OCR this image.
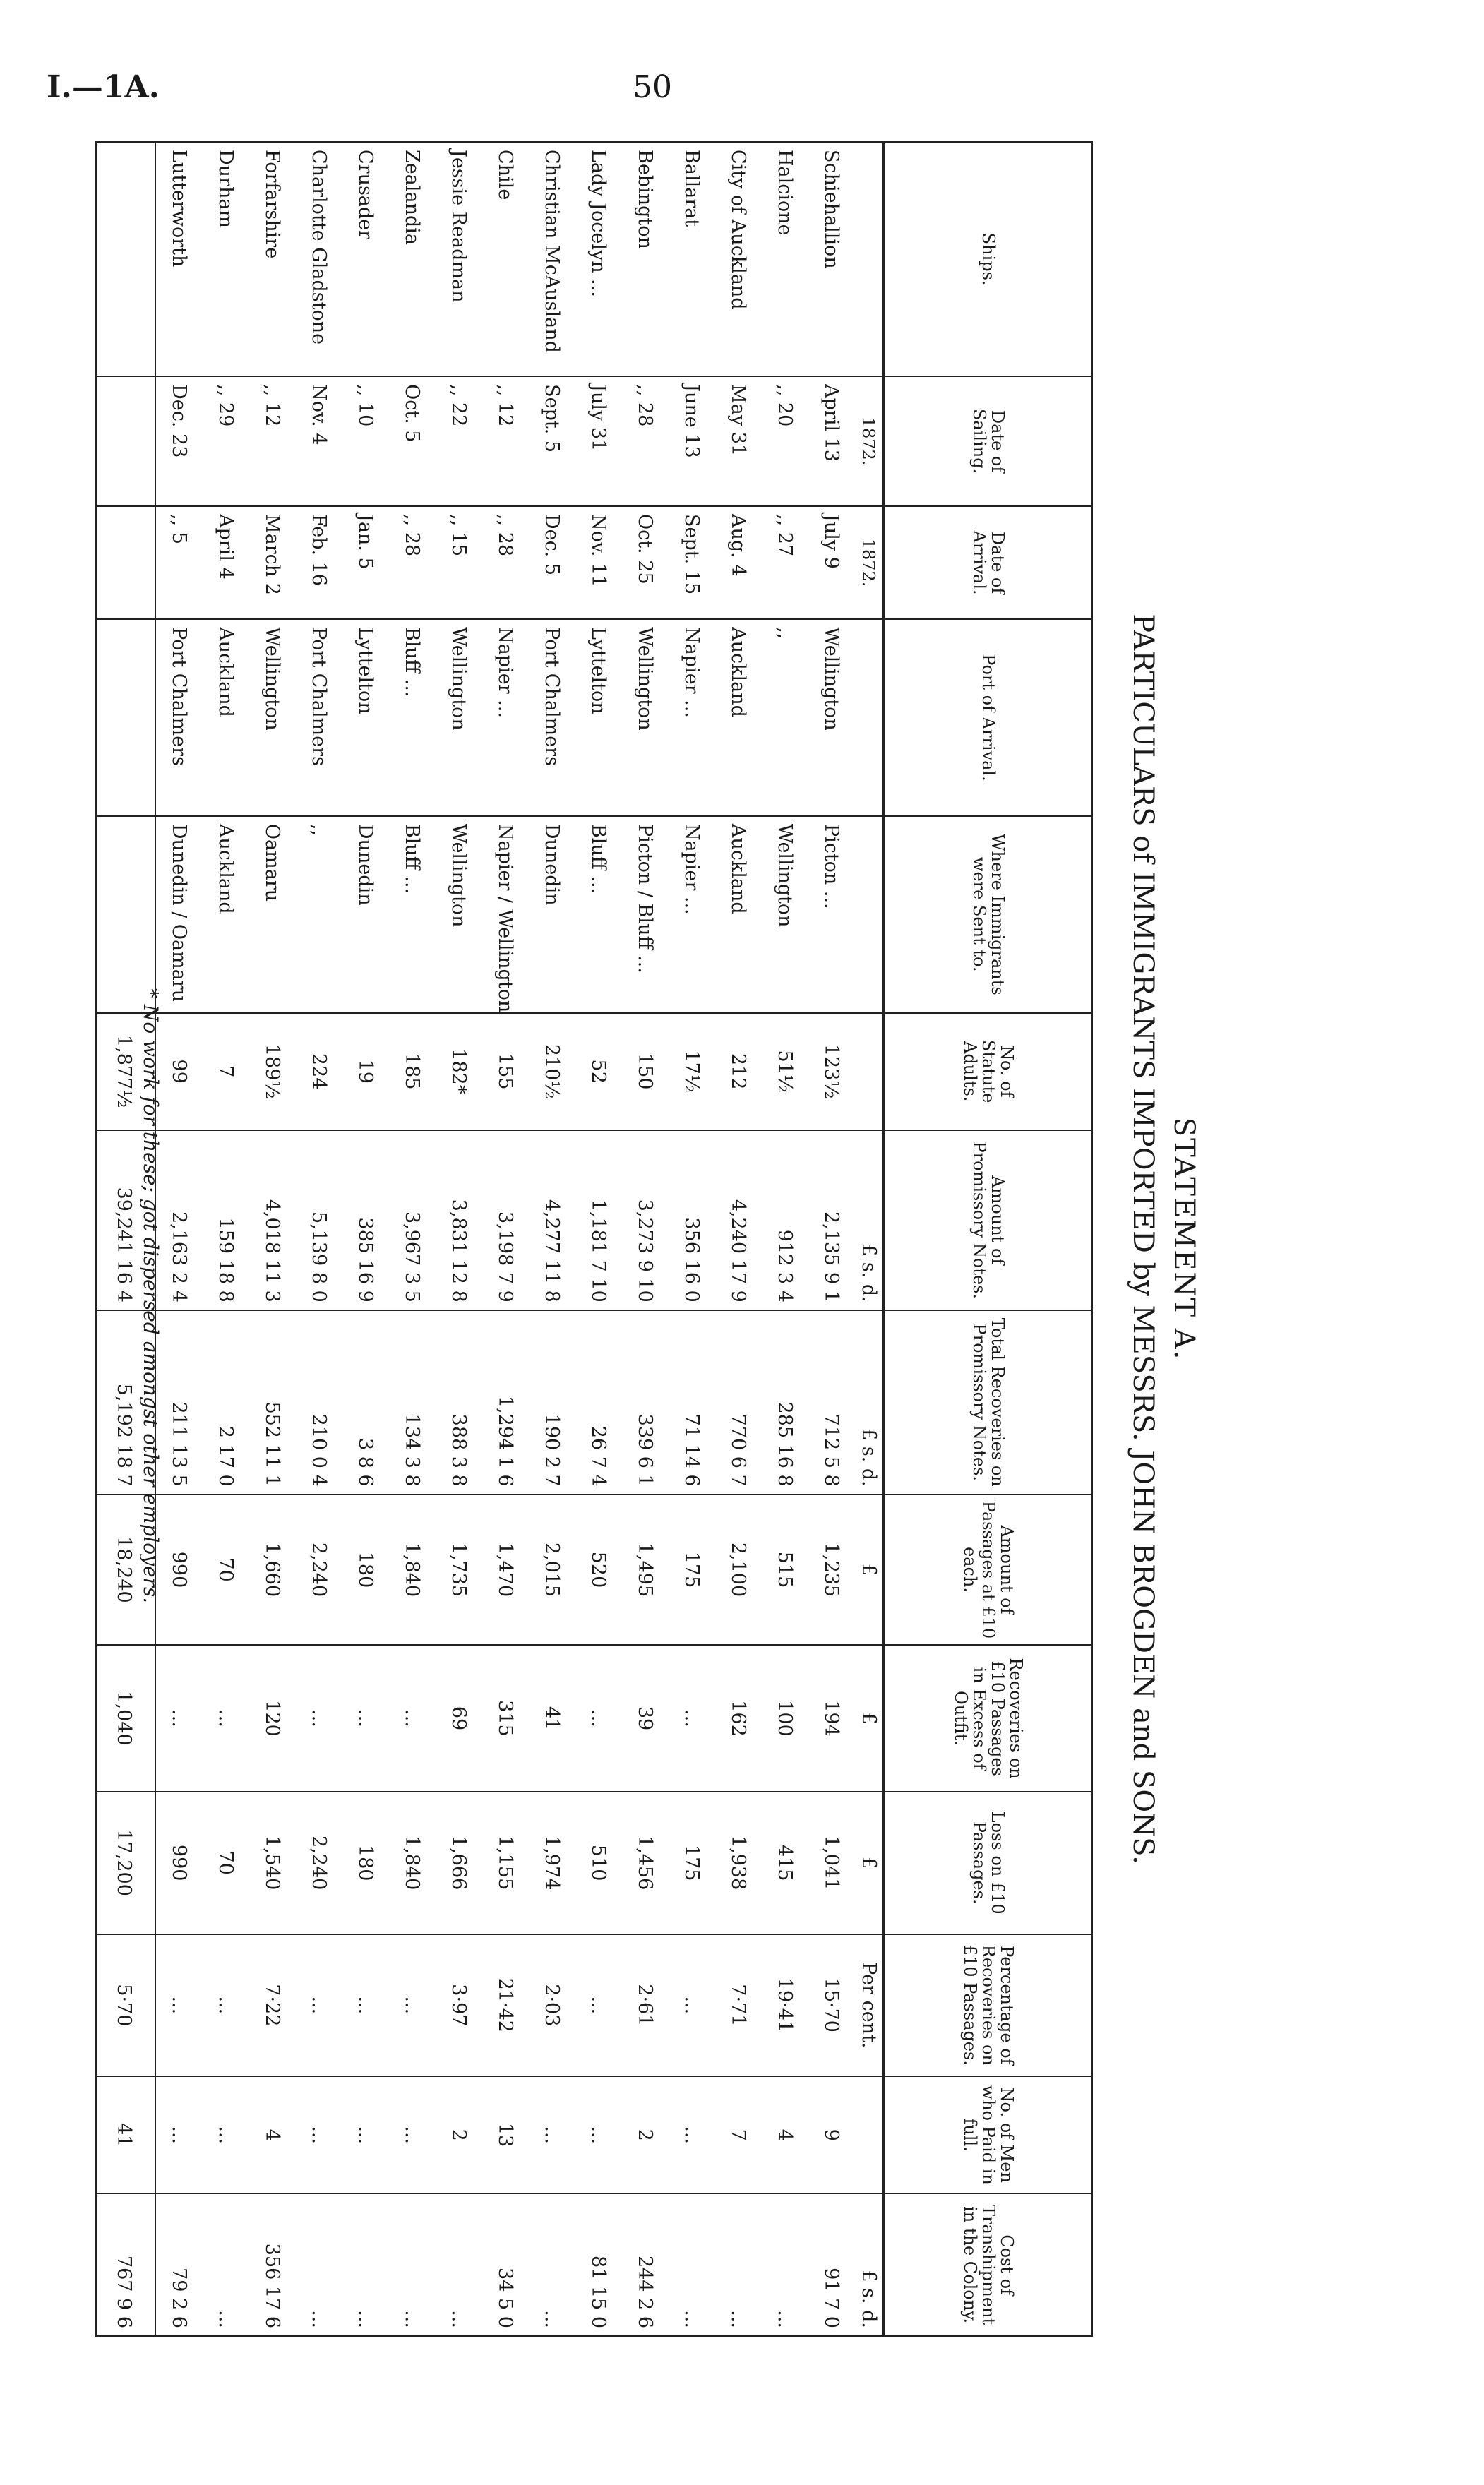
I.—1A.	50
STATEMENT A.
PARTICULARS of IMMIGRANTS IMPORTED by MESSRS. JOHN BROGDEN and SONS.
Ships.	Date of Sailing.	Date of Arrival.	Port of Arrival.	Where Immigrants were Sent to.	No. of Statute Adults.	Amount of Promissory Notes.	Total Recoveries on Promissory Notes.	Amount of Passages at £10 each.	Recoveries on £10 Passages in Excess of Outfit.	Loss on £10 Passages.	Percentage of Recoveries on £10 Passages.	No. of Men who Paid in full.	Cost of Transhipment in the Colony.
	1872.	1872.				£ s. d.	£ s. d.	£	£	£	Per cent.		£ s. d.
Schiehallion	April 13	July 9	Wellington	Picton ...	123½	2,135 9 1	712 5 8	1,235	194	1,041	15·70	9	91 7 0
Halcione	,, 20	,, 27	,,	Wellington	51½	912 3 4	285 16 8	515	100	415	19·41	4	...
City of Auckland	May 31	Aug. 4	Auckland	Auckland	212	4,240 17 9	770 6 7	2,100	162	1,938	7·71	7	...
Ballarat	June 13	Sept. 15	Napier ...	Napier ...	17½	356 16 0	71 14 6	175	...	175	...	...	...
Bebington	,, 28	Oct. 25	Wellington	Picton / Bluff ...	150	3,273 9 10	339 6 1	1,495	39	1,456	2·61	2	244 2 6
Lady Jocelyn ...	July 31	Nov. 11	Lyttelton	Bluff ...	52	1,181 7 10	26 7 4	520	...	510	...	...	81 15 0
Christian McAusland	Sept. 5	Dec. 5	Port Chalmers	Dunedin	210½	4,277 11 8	190 2 7	2,015	41	1,974	2·03	...	...
Chile	,, 12	,, 28	Napier ...	Napier / Wellington	155	3,198 7 9	1,294 1 6	1,470	315	1,155	21·42	13	34 5 0
Jessie Readman	,, 22	,, 15	Wellington	Wellington	182*	3,831 12 8	388 3 8	1,735	69	1,666	3·97	2	...
Zealandia	Oct. 5	,, 28	Bluff ...	Bluff ...	185	3,967 3 5	134 3 8	1,840	...	1,840	...	...	...
Crusader	,, 10	Jan. 5	Lyttelton	Dunedin	19	385 16 9	3 8 6	180	...	180	...	...	...
Charlotte Gladstone	Nov. 4	Feb. 16	Port Chalmers	,,	224	5,139 8 0	210 0 4	2,240	...	2,240	...	...	...
Forfarshire	,, 12	March 2	Wellington	Oamaru	189½	4,018 11 3	552 11 1	1,660	120	1,540	7·22	4	356 17 6
Durham	,, 29	April 4	Auckland	Auckland	7	159 18 8	2 17 0	70	...	70	...	...	...
Lutterworth	Dec. 23	,, 5	Port Chalmers	Dunedin / Oamaru	99	2,163 2 4	211 13 5	990	...	990	...	...	79 2 6
					1,877½	39,241 16 4	5,192 18 7	18,240	1,040	17,200	5·70	41	767 9 6
* No work for these; got dispersed amongst other employers.
